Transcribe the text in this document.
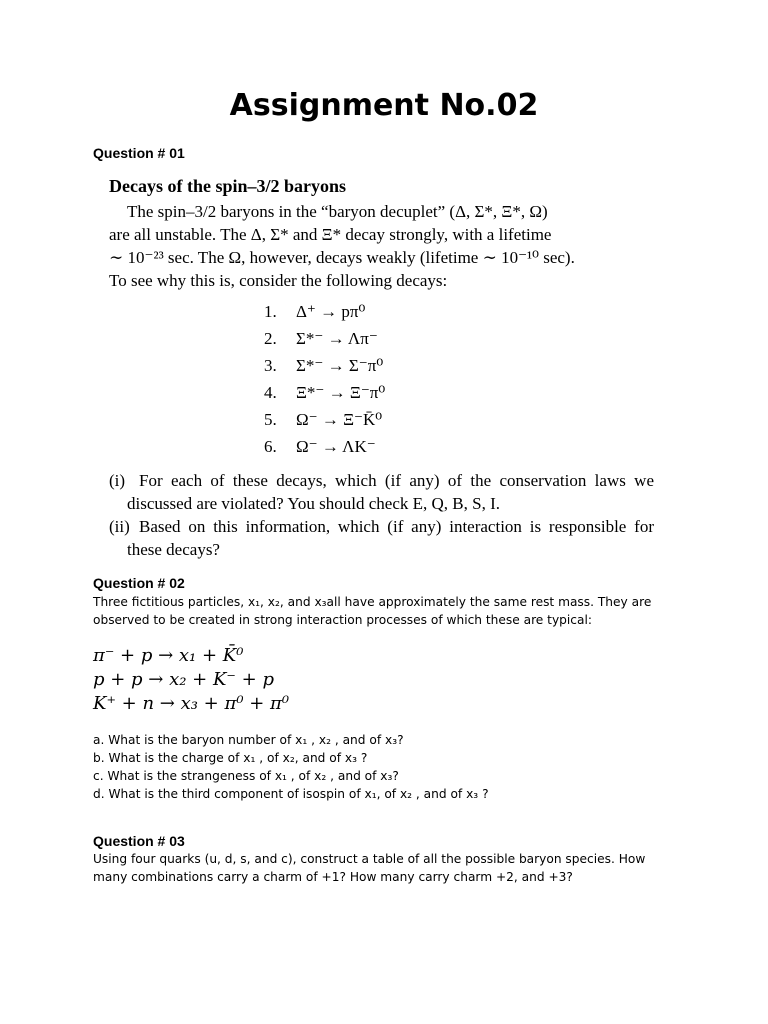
Assignment No.02
Question # 01
Decays of the spin–3/2 baryons
The spin–3/2 baryons in the “baryon decuplet” (Δ, Σ*, Ξ*, Ω)
are all unstable. The Δ, Σ* and Ξ* decay strongly, with a lifetime
∼ 10⁻²³ sec. The Ω, however, decays weakly (lifetime ∼ 10⁻¹⁰ sec).
To see why this is, consider the following decays:
1. Δ⁺ → pπ⁰
2. Σ*⁻ → Λπ⁻
3. Σ*⁻ → Σ⁻π⁰
4. Ξ*⁻ → Ξ⁻π⁰
5. Ω⁻ → Ξ⁻K̄⁰
6. Ω⁻ → ΛK⁻
(i) For each of these decays, which (if any) of the conservation laws we discussed are violated? You should check E, Q, B, S, I.
(ii) Based on this information, which (if any) interaction is responsible for these decays?
Question # 02
Three fictitious particles, x₁, x₂, and x₃all have approximately the same rest mass. They are observed to be created in strong interaction processes of which these are typical:
π⁻ + p → x₁ + K̄⁰
p + p → x₂ + K⁻ + p
K⁺ + n → x₃ + π⁰ + π⁰
a. What is the baryon number of x₁ , x₂ , and of x₃?
b. What is the charge of x₁ , of x₂, and of x₃ ?
c. What is the strangeness of x₁ , of x₂ , and of x₃?
d. What is the third component of isospin of x₁, of x₂ , and of x₃ ?
Question # 03
Using four quarks (u, d, s, and c), construct a table of all the possible baryon species. How many combinations carry a charm of +1? How many carry charm +2, and +3?
